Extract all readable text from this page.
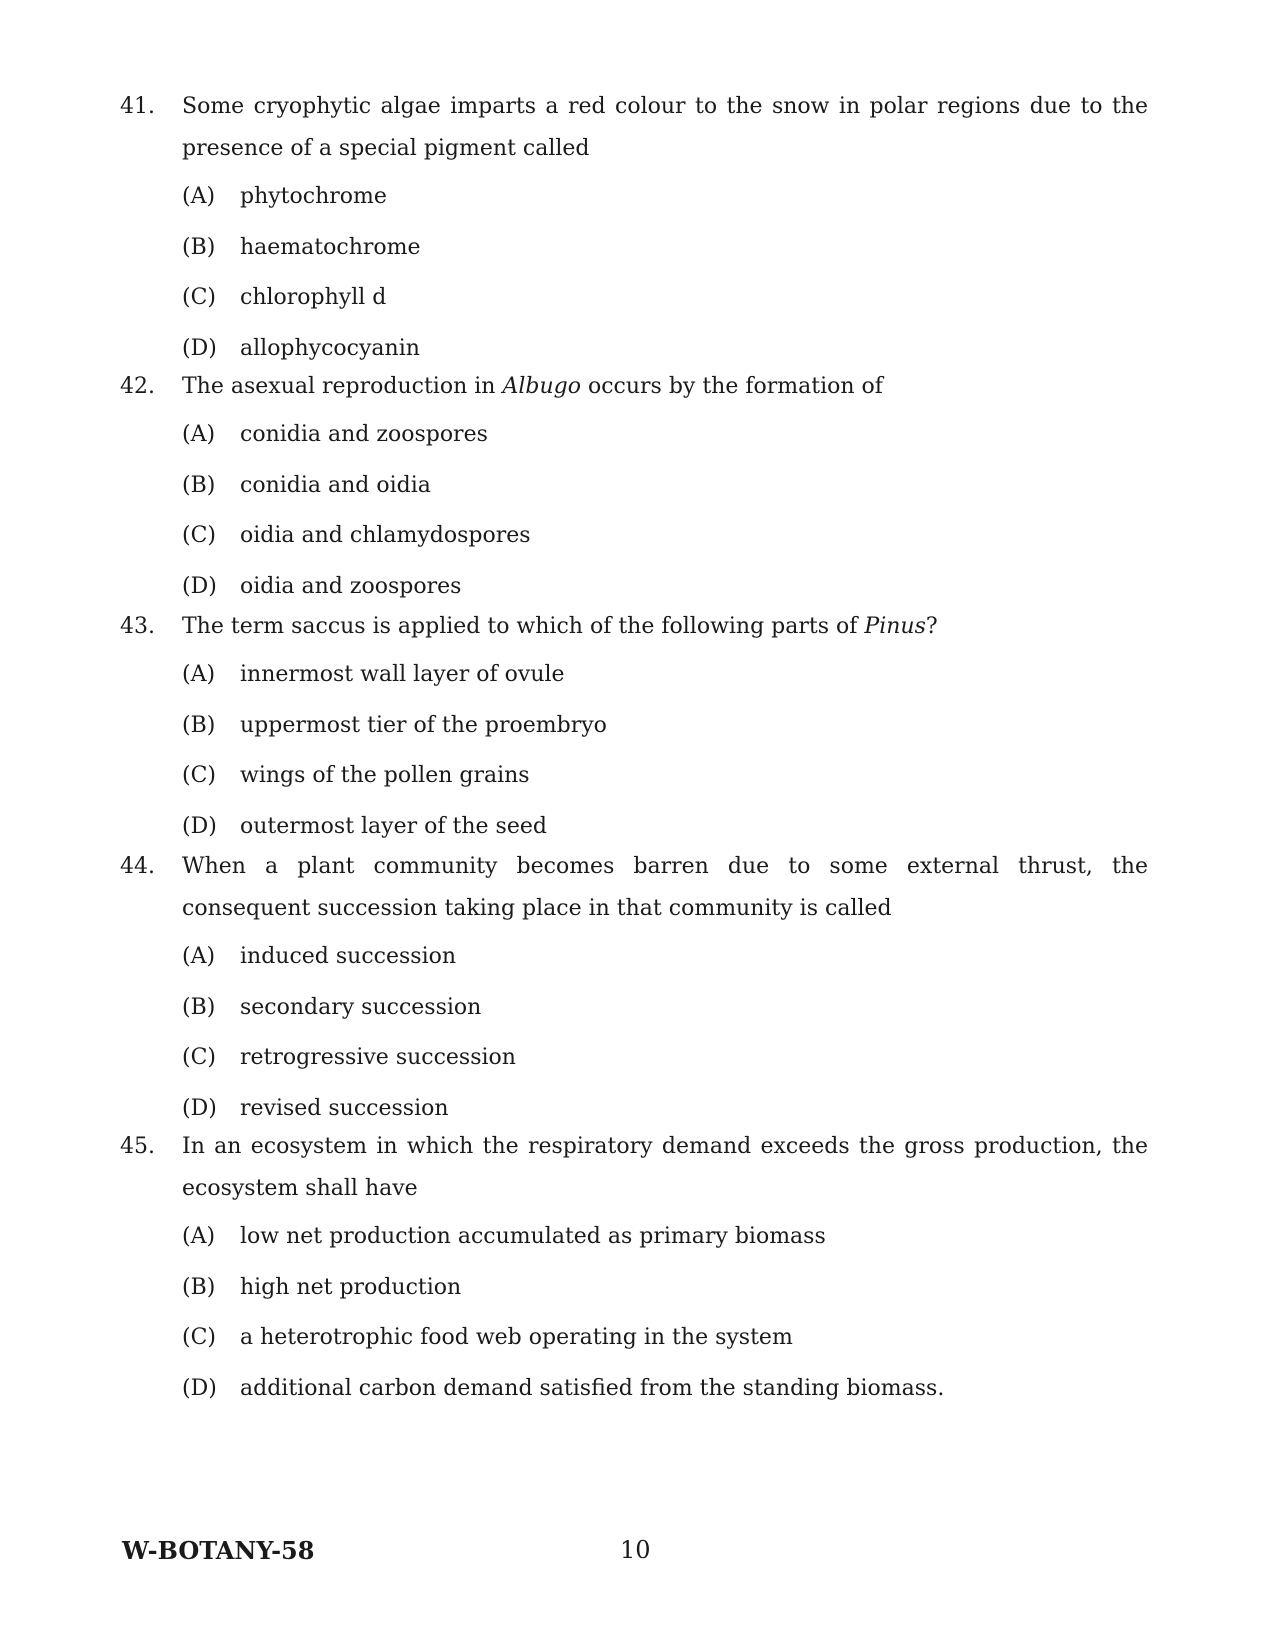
41. Some cryophytic algae imparts a red colour to the snow in polar regions due to the presence of a special pigment called
(A)	phytochrome
(B)	haematochrome
(C)	chlorophyll d
(D)	allophycocyanin
42. The asexual reproduction in Albugo occurs by the formation of
(A)	conidia and zoospores
(B)	conidia and oidia
(C)	oidia and chlamydospores
(D)	oidia and zoospores
43. The term saccus is applied to which of the following parts of Pinus?
(A)	innermost wall layer of ovule
(B)	uppermost tier of the proembryo
(C)	wings of the pollen grains
(D)	outermost layer of the seed
44. When a plant community becomes barren due to some external thrust, the consequent succession taking place in that community is called
(A)	induced succession
(B)	secondary succession
(C)	retrogressive succession
(D)	revised succession
45. In an ecosystem in which the respiratory demand exceeds the gross production, the ecosystem shall have
(A)	low net production accumulated as primary biomass
(B)	high net production
(C)	a heterotrophic food web operating in the system
(D)	additional carbon demand satisfied from the standing biomass.
W-BOTANY-58	10
